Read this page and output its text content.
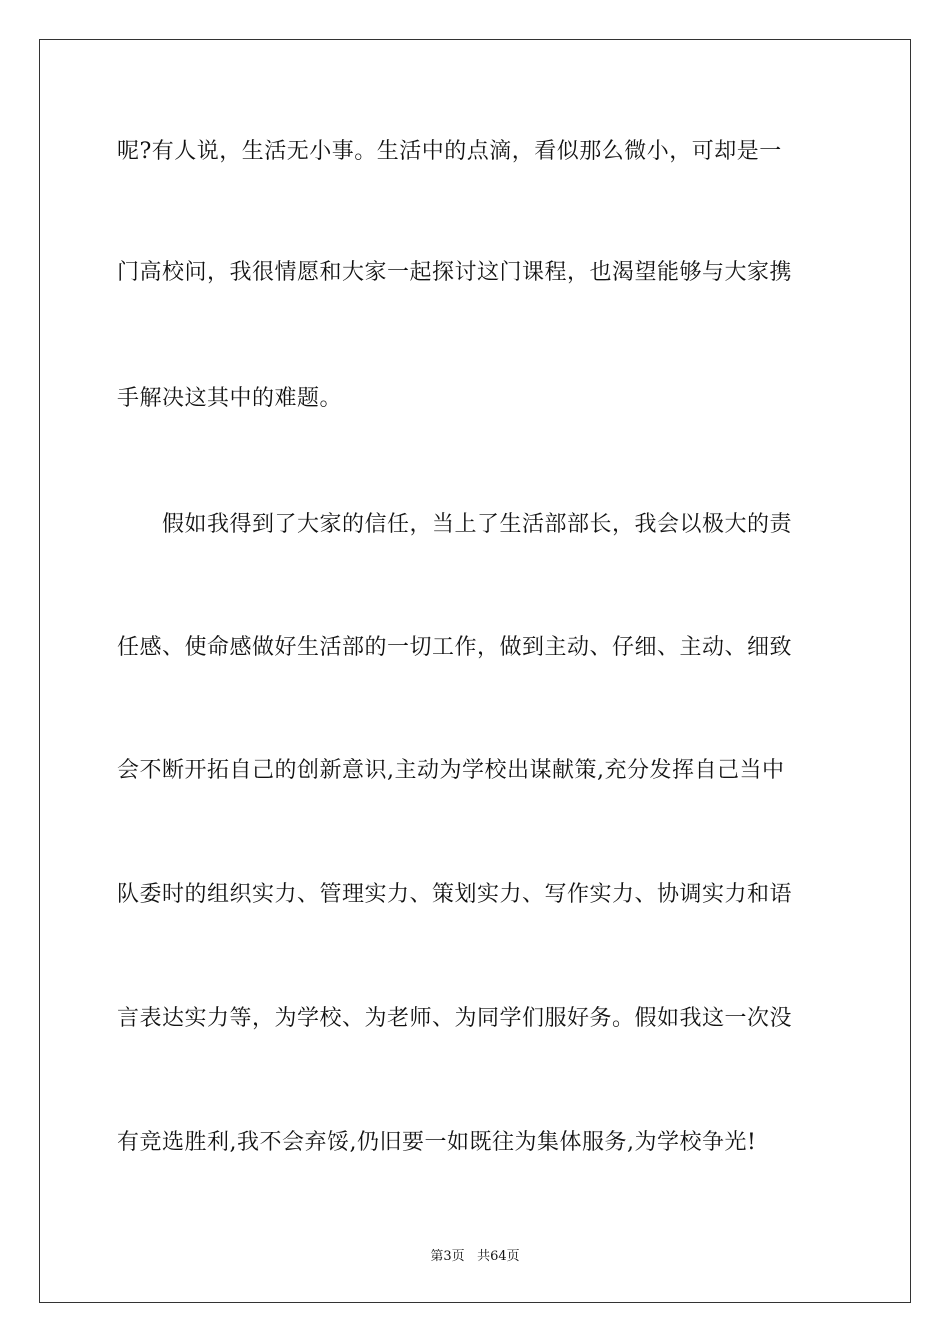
呢?有人说，生活无小事。生活中的点滴，看似那么微小，可却是一
门高校问，我很情愿和大家一起探讨这门课程，也渴望能够与大家携
手解决这其中的难题。
　　假如我得到了大家的信任，当上了生活部部长，我会以极大的责
任感、使命感做好生活部的一切工作，做到主动、仔细、主动、细致
会不断开拓自己的创新意识,主动为学校出谋献策,充分发挥自己当中
队委时的组织实力、管理实力、策划实力、写作实力、协调实力和语
言表达实力等，为学校、为老师、为同学们服好务。假如我这一次没
有竞选胜利,我不会弃馁,仍旧要一如既往为集体服务,为学校争光!
第3页 共64页
